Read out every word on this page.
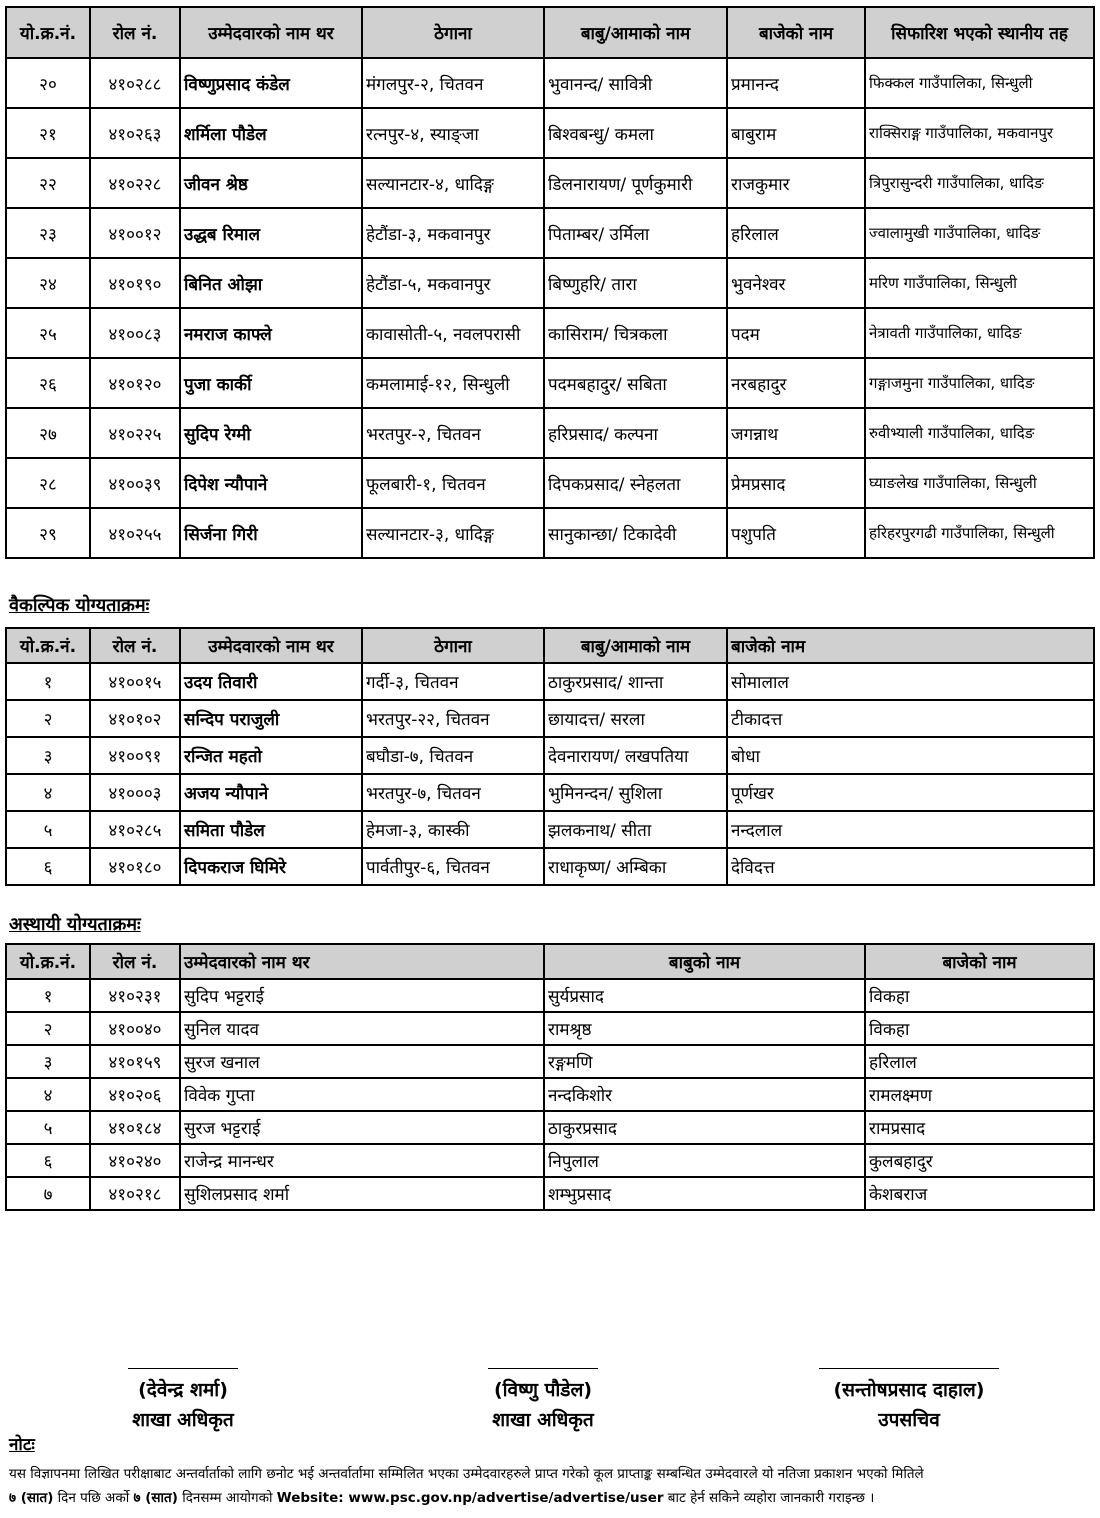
यो.क्र.नं.	रोल नं.	उम्मेदवारको नाम थर	ठेगाना	बाबु/आमाको नाम	बाजेको नाम	सिफारिश भएको स्थानीय तह
२०	४१०२८८	विष्णुप्रसाद कंडेल	मंगलपुर-२, चितवन	भुवानन्द/ सावित्री	प्रमानन्द	फिक्कल गाउँपालिका, सिन्धुली
२१	४१०२६३	शर्मिला पौडेल	रत्नपुर-४, स्याङ्जा	बिश्वबन्धु/ कमला	बाबुराम	राक्सिराङ्ग गाउँपालिका, मकवानपुर
२२	४१०२२८	जीवन श्रेष्ठ	सल्यानटार-४, धादिङ्ग	डिलनारायण/ पूर्णकुमारी	राजकुमार	त्रिपुरासुन्दरी गाउँपालिका, धादिङ
२३	४१००१२	उद्धब रिमाल	हेटौंडा-३, मकवानपुर	पिताम्बर/ उर्मिला	हरिलाल	ज्वालामुखी गाउँपालिका, धादिङ
२४	४१०१९०	बिनित ओझा	हेटौंडा-५, मकवानपुर	बिष्णुहरि/ तारा	भुवनेश्वर	मरिण गाउँपालिका, सिन्धुली
२५	४१००८३	नमराज काफ्ले	कावासोती-५, नवलपरासी	कासिराम/ चित्रकला	पदम	नेत्रावती गाउँपालिका, धादिङ
२६	४१०१२०	पुजा कार्की	कमलामाई-१२, सिन्धुली	पदमबहादुर/ सबिता	नरबहादुर	गङ्गाजमुना गाउँपालिका, धादिङ
२७	४१०२२५	सुदिप रेग्मी	भरतपुर-२, चितवन	हरिप्रसाद/ कल्पना	जगन्नाथ	रुवीभ्याली गाउँपालिका, धादिङ
२८	४१००३९	दिपेश न्यौपाने	फूलबारी-१, चितवन	दिपकप्रसाद/ स्नेहलता	प्रेमप्रसाद	घ्याङलेख गाउँपालिका, सिन्धुली
२९	४१०२५५	सिर्जना गिरी	सल्यानटार-३, धादिङ्ग	सानुकान्छा/ टिकादेवी	पशुपति	हरिहरपुरगढी गाउँपालिका, सिन्धुली
वैकल्पिक योग्यताक्रमः
यो.क्र.नं.	रोल नं.	उम्मेदवारको नाम थर	ठेगाना	बाबु/आमाको नाम	बाजेको नाम
१	४१००१५	उदय तिवारी	गर्दी-३, चितवन	ठाकुरप्रसाद/ शान्ता	सोमालाल
२	४१०१०२	सन्दिप पराजुली	भरतपुर-२२, चितवन	छायादत्त/ सरला	टीकादत्त
३	४१००९१	रन्जित महतो	बघौडा-७, चितवन	देवनारायण/ लखपतिया	बोधा
४	४१०००३	अजय न्यौपाने	भरतपुर-७, चितवन	भुमिनन्दन/ सुशिला	पूर्णखर
५	४१०२८५	समिता पौडेल	हेमजा-३, कास्की	झलकनाथ/ सीता	नन्दलाल
६	४१०१८०	दिपकराज घिमिरे	पार्वतीपुर-६, चितवन	राधाकृष्ण/ अम्बिका	देविदत्त
अस्थायी योग्यताक्रमः
यो.क्र.नं.	रोल नं.	उम्मेदवारको नाम थर	बाबुको नाम	बाजेको नाम
१	४१०२३१	सुदिप भट्टराई	सुर्यप्रसाद	विकहा
२	४१००४०	सुनिल यादव	रामश्रृष्ठ	विकहा
३	४१०१५९	सुरज खनाल	रङ्गमणि	हरिलाल
४	४१०२०६	विवेक गुप्ता	नन्दकिशोर	रामलक्ष्मण
५	४१०१८४	सुरज भट्टराई	ठाकुरप्रसाद	रामप्रसाद
६	४१०२४०	राजेन्द्र मानन्धर	निपुलाल	कुलबहादुर
७	४१०२१८	सुशिलप्रसाद शर्मा	शम्भुप्रसाद	केशबराज
(देवेन्द्र शर्मा)
शाखा अधिकृत
(विष्णु पौडेल)
शाखा अधिकृत
(सन्तोषप्रसाद दाहाल)
उपसचिव
नोटः
यस विज्ञापनमा लिखित परीक्षाबाट अन्तर्वार्ताको लागि छनोट भई अन्तर्वार्तामा सम्मिलित भएका उम्मेदवारहरुले प्राप्त गरेको कूल प्राप्ताङ्क सम्बन्धित उम्मेदवारले यो नतिजा प्रकाशन भएको मितिले
७ (सात) दिन पछि अर्को ७ (सात) दिनसम्म आयोगको Website: www.psc.gov.np/advertise/advertise/user बाट हेर्न सकिने व्यहोरा जानकारी गराइन्छ ।
